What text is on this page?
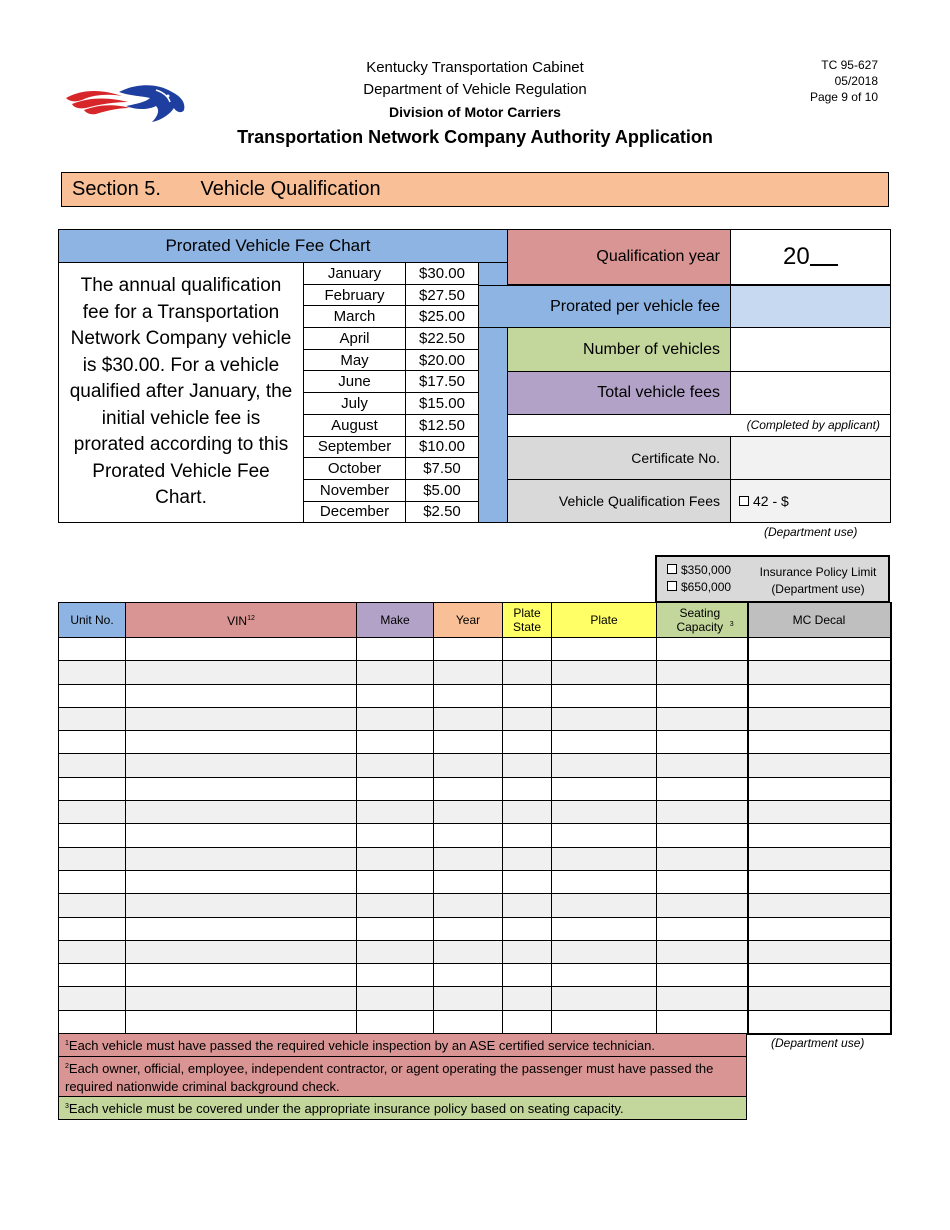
Kentucky Transportation Cabinet
Department of Vehicle Regulation
Division of Motor Carriers
Transportation Network Company Authority Application
TC 95-627
05/2018
Page 9 of 10
Section 5. Vehicle Qualification
Prorated Vehicle Fee Chart
The annual qualification fee for a Transportation Network Company vehicle is $30.00. For a vehicle qualified after January, the initial vehicle fee is prorated according to this Prorated Vehicle Fee Chart.
January	$30.00
February	$27.50
March	$25.00
April	$22.50
May	$20.00
June	$17.50
July	$15.00
August	$12.50
September	$10.00
October	$7.50
November	$5.00
December	$2.50
Qualification year	20
Prorated per vehicle fee
Number of vehicles
Total vehicle fees
(Completed by applicant)
Certificate No.
Vehicle Qualification Fees	42 - $
(Department use)
$350,000
$650,000
Insurance Policy Limit
(Department use)
Unit No.	VIN$^{12}$	Make	Year	Plate State	Plate	Seating Capacity $^3$	MC Decal

(Department use)
$^1$Each vehicle must have passed the required vehicle inspection by an ASE certified service technician.
$^2$Each owner, official, employee, independent contractor, or agent operating the passenger must have passed the required nationwide criminal background check.
$^3$Each vehicle must be covered under the appropriate insurance policy based on seating capacity.
